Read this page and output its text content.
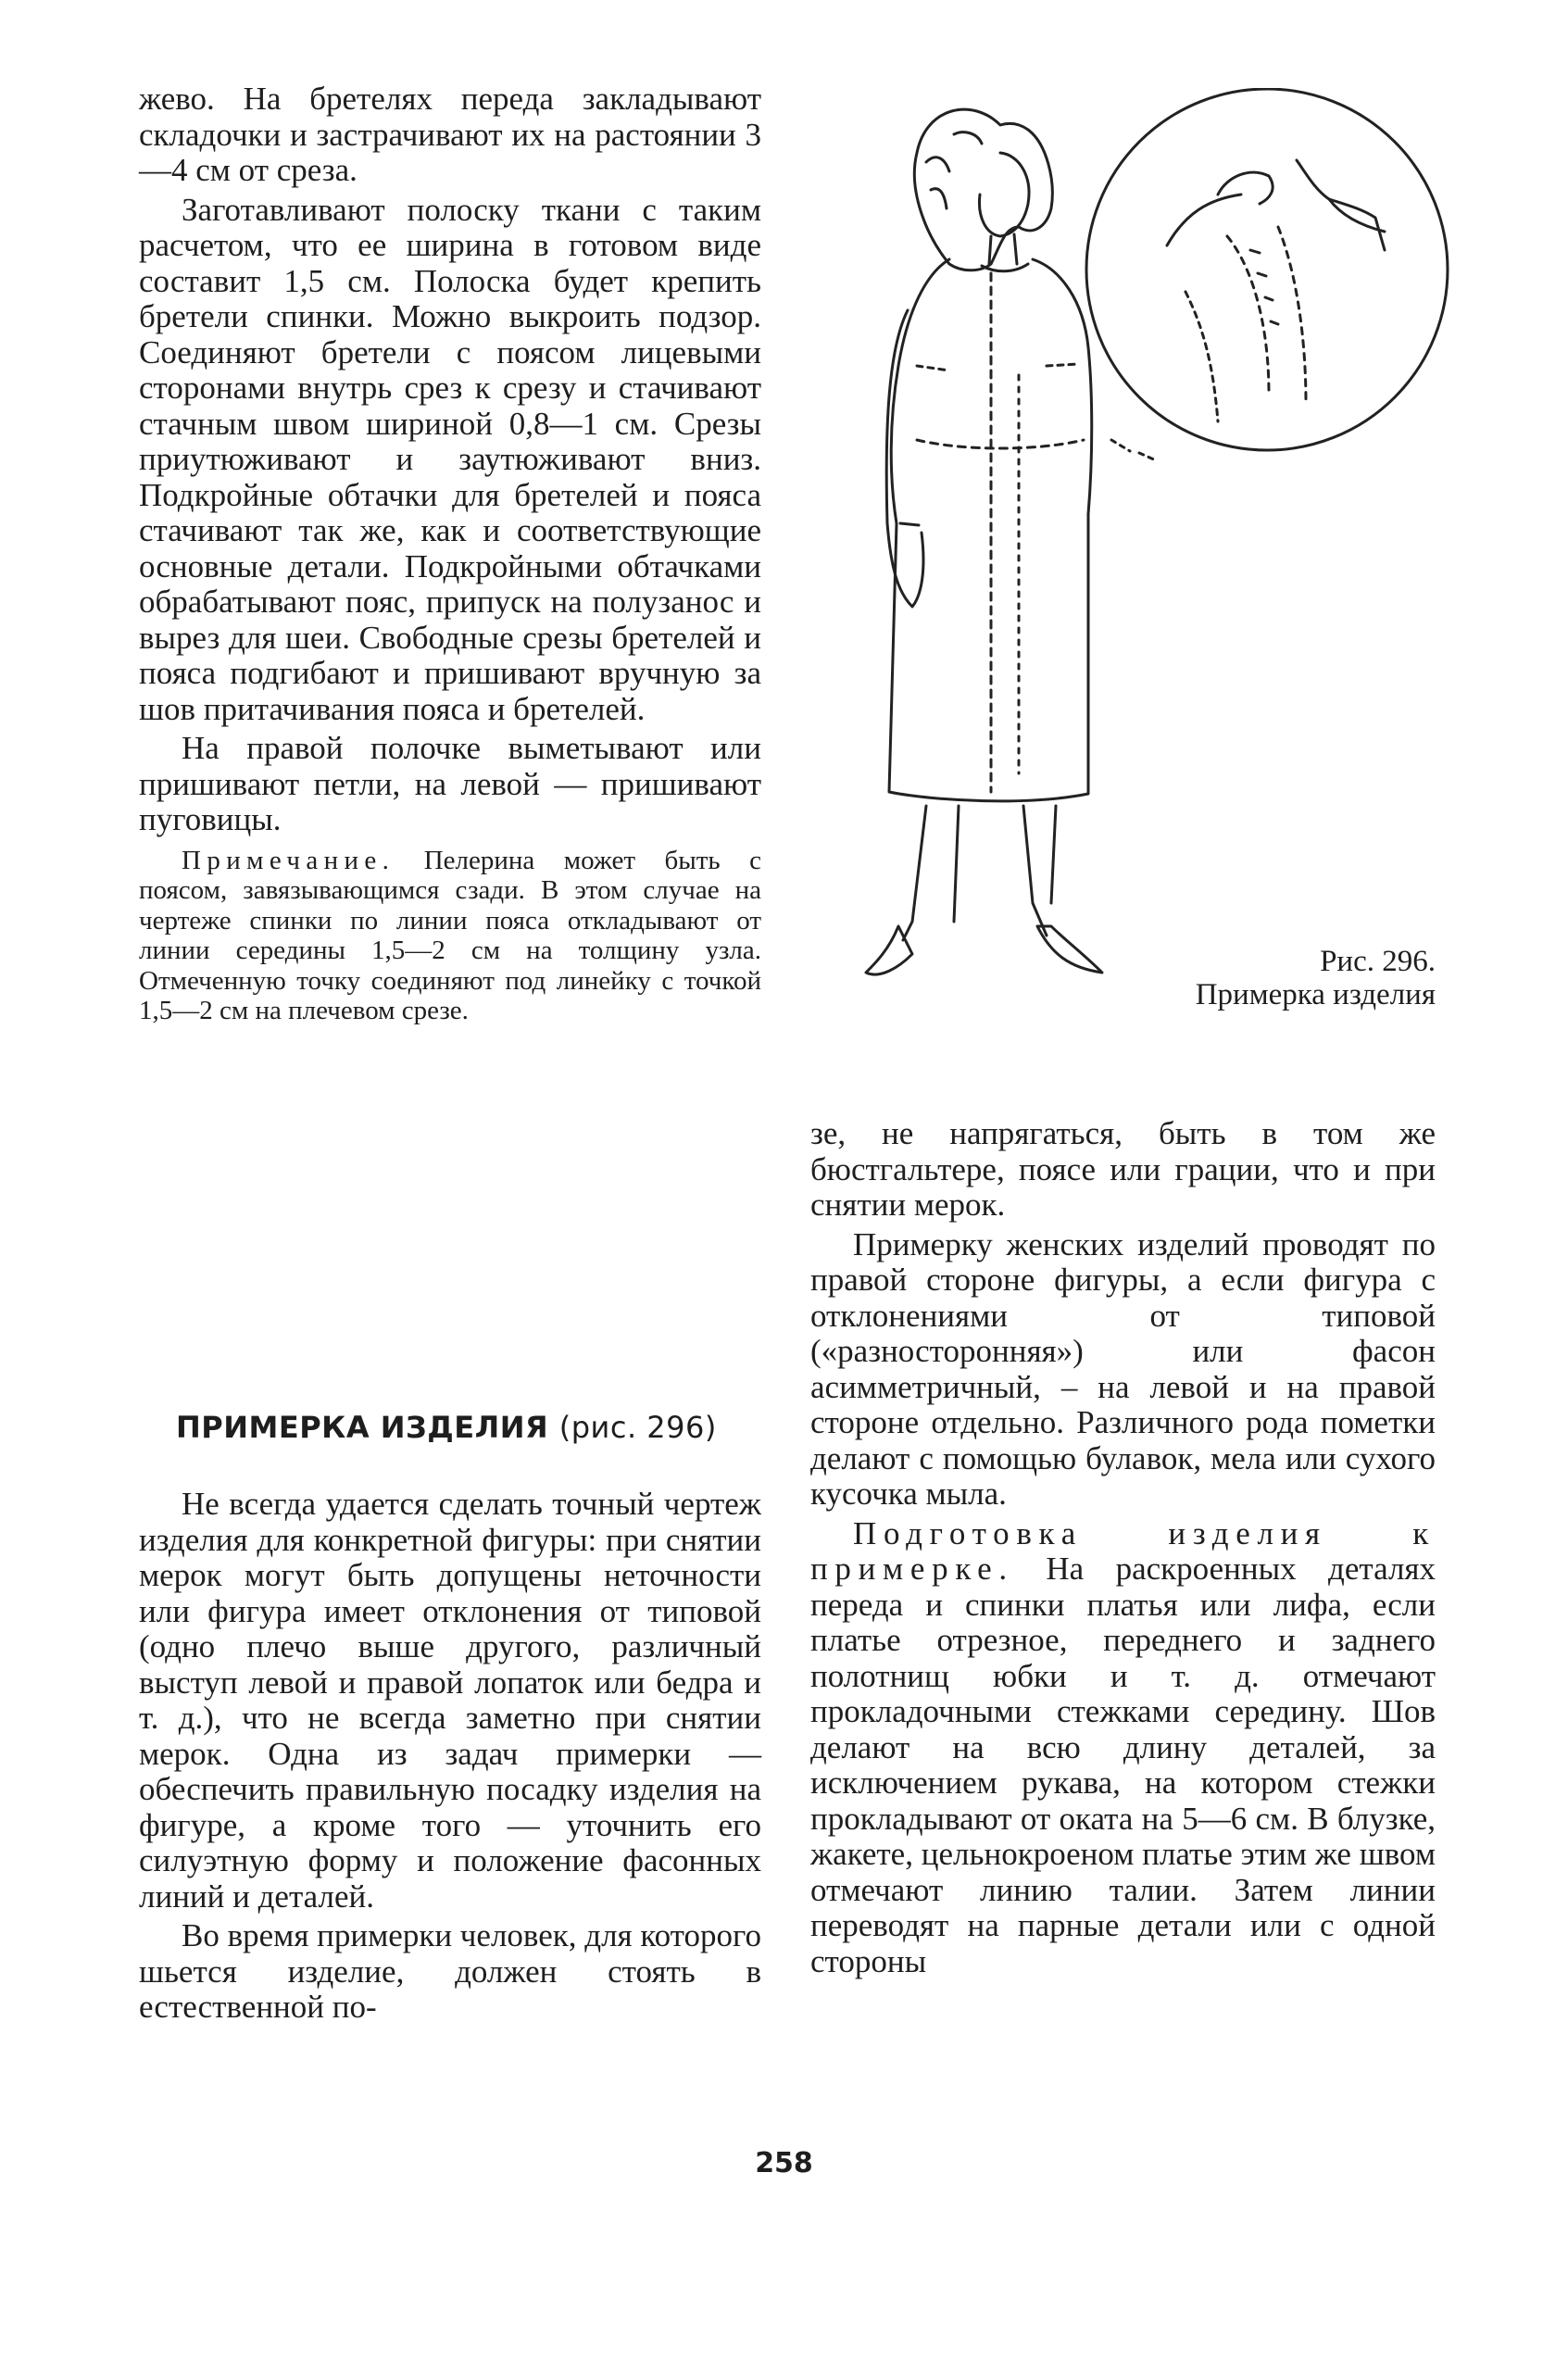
жево. На бретелях переда закладывают складочки и застрачивают их на растоянии 3—4 см от среза.

Заготавливают полоску ткани с таким расчетом, что ее ширина в готовом виде составит 1,5 см. Полоска будет крепить бретели спинки. Можно выкроить подзор. Соединяют бретели с поясом лицевыми сторонами внутрь срез к срезу и стачивают стачным швом шириной 0,8—1 см. Срезы приутюживают и заутюживают вниз. Подкройные обтачки для бретелей и пояса стачивают так же, как и соответствующие основные детали. Подкройными обтачками обрабатывают пояс, припуск на полузанос и вырез для шеи. Свободные срезы бретелей и пояса подгибают и пришивают вручную за шов притачивания пояса и бретелей.

На правой полочке выметывают или пришивают петли, на левой — пришивают пуговицы.

Примечание. Пелерина может быть с поясом, завязывающимся сзади. В этом случае на чертеже спинки по линии пояса откладывают от линии середины 1,5—2 см на толщину узла. Отмеченную точку соединяют под линейку с точкой 1,5—2 см на плечевом срезе.

ПРИМЕРКА ИЗДЕЛИЯ (рис. 296)

Не всегда удается сделать точный чертеж изделия для конкретной фигуры: при снятии мерок могут быть допущены неточности или фигура имеет отклонения от типовой (одно плечо выше другого, различный выступ левой и правой лопаток или бедра и т. д.), что не всегда заметно при снятии мерок. Одна из задач примерки — обеспечить правильную посадку изделия на фигуре, а кроме того — уточнить его силуэтную форму и положение фасонных линий и деталей.

Во время примерки человек, для которого шьется изделие, должен стоять в естественной по-

Рис. 296.
Примерка изделия

зе, не напрягаться, быть в том же бюстгальтере, поясе или грации, что и при снятии мерок.

Примерку женских изделий проводят по правой стороне фигуры, а если фигура с отклонениями от типовой («разносторонняя») или фасон асимметричный, – на левой и на правой стороне отдельно. Различного рода пометки делают с помощью булавок, мела или сухого кусочка мыла.

Подготовка изделия к примерке. На раскроенных деталях переда и спинки платья или лифа, если платье отрезное, переднего и заднего полотнищ юбки и т. д. отмечают прокладочными стежками середину. Шов делают на всю длину деталей, за исключением рукава, на котором стежки прокладывают от оката на 5—6 см. В блузке, жакете, цельнокроеном платье этим же швом отмечают линию талии. Затем линии переводят на парные детали или с одной стороны

258
